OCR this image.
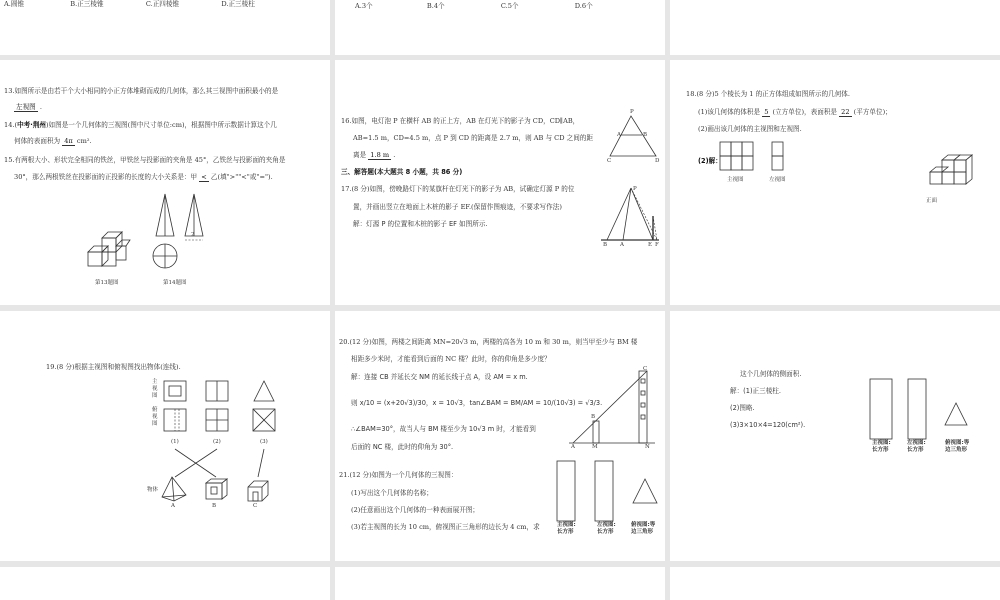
A.圆锥	B.正三棱锥	C.正四棱锥	D.正三棱柱	A.3个	B.4个	C.5个	D.6个
13.如图所示是由若干个大小相同的小正方体堆砌而成的几何体，那么其三视图中面积最小的是
左视图 .
14.(中考·荆州)如图是一个几何体的三视图(图中尺寸单位:cm)，根据图中所示数据计算这个几
何体的表面积为 4π cm².
15.有两根大小、形状完全相同的铁丝，甲铁丝与投影面的夹角是 45°，乙铁丝与投影面的夹角是
30°，那么两根铁丝在投影面的正投影的长度的大小关系是：甲 < 乙(填">""<"或"=").
第13题图
2
第14题图
16.如图，电灯泡 P 在横杆 AB 的正上方，AB 在灯光下的影子为 CD，CD∥AB，
AB=1.5 m，CD=4.5 m，点 P 到 CD 的距离是 2.7 m，则 AB 与 CD 之间的距
离是 1.8 m .
三、解答题(本大题共 8 小题，共 86 分)
17.(8 分)如图，傍晚路灯下的某旗杆在灯光下的影子为 AB，试确定灯源 P 的位
置，并画出竖立在地面上木桩的影子 EF.(保留作图痕迹，不要求写作法)
解：灯源 P 的位置和木桩的影子 EF 如图所示.
P
A	B
C	D
P
B A	E F
18.(8 分)5 个棱长为 1 的正方体组成如图所示的几何体.
(1)该几何体的体积是 5 (立方单位)，表面积是 22 (平方单位)；
(2)画出该几何体的主视图和左视图.
(2)解：
主视图	左视图
正面
19.(8 分)根据主视图和俯视图找出物体(连线).
主视图
俯视图
(1)	(2)	(3)
物体
A	B	C
20.(12 分)如图，两楼之间距离 MN=20√3 m，两楼的高各为 10 m 和 30 m，则当甲至少与 BM 楼
相距多少米时，才能看到后面的 NC 楼？此时，你的仰角是多少度？
解：连接 CB 并延长交 NM 的延长线于点 A，设 AM = x m.
则 x/10 = (x+20√3)/30，x = 10√3，tan∠BAM = BM/AM = 10/(10√3) = √3/3.
∴∠BAM=30°，故当人与 BM 楼至少为 10√3 m 时，才能看到
后面的 NC 楼，此时的仰角为 30°.
C
B
A	M	N
21.(12 分)如图为一个几何体的三视图：
(1)写出这个几何体的名称；
(2)任意画出这个几何体的一种表面展开图；
(3)若主视图的长为 10 cm，俯视图正三角形的边长为 4 cm，求	主视图:
长方形
左视图:
长方形
俯视图:等
边三角形
这个几何体的侧面积.
解：(1)正三棱柱.
(2)图略.
(3)3×10×4=120(cm²).
主视图:
长方形
左视图:
长方形
俯视图:等
边三角形
